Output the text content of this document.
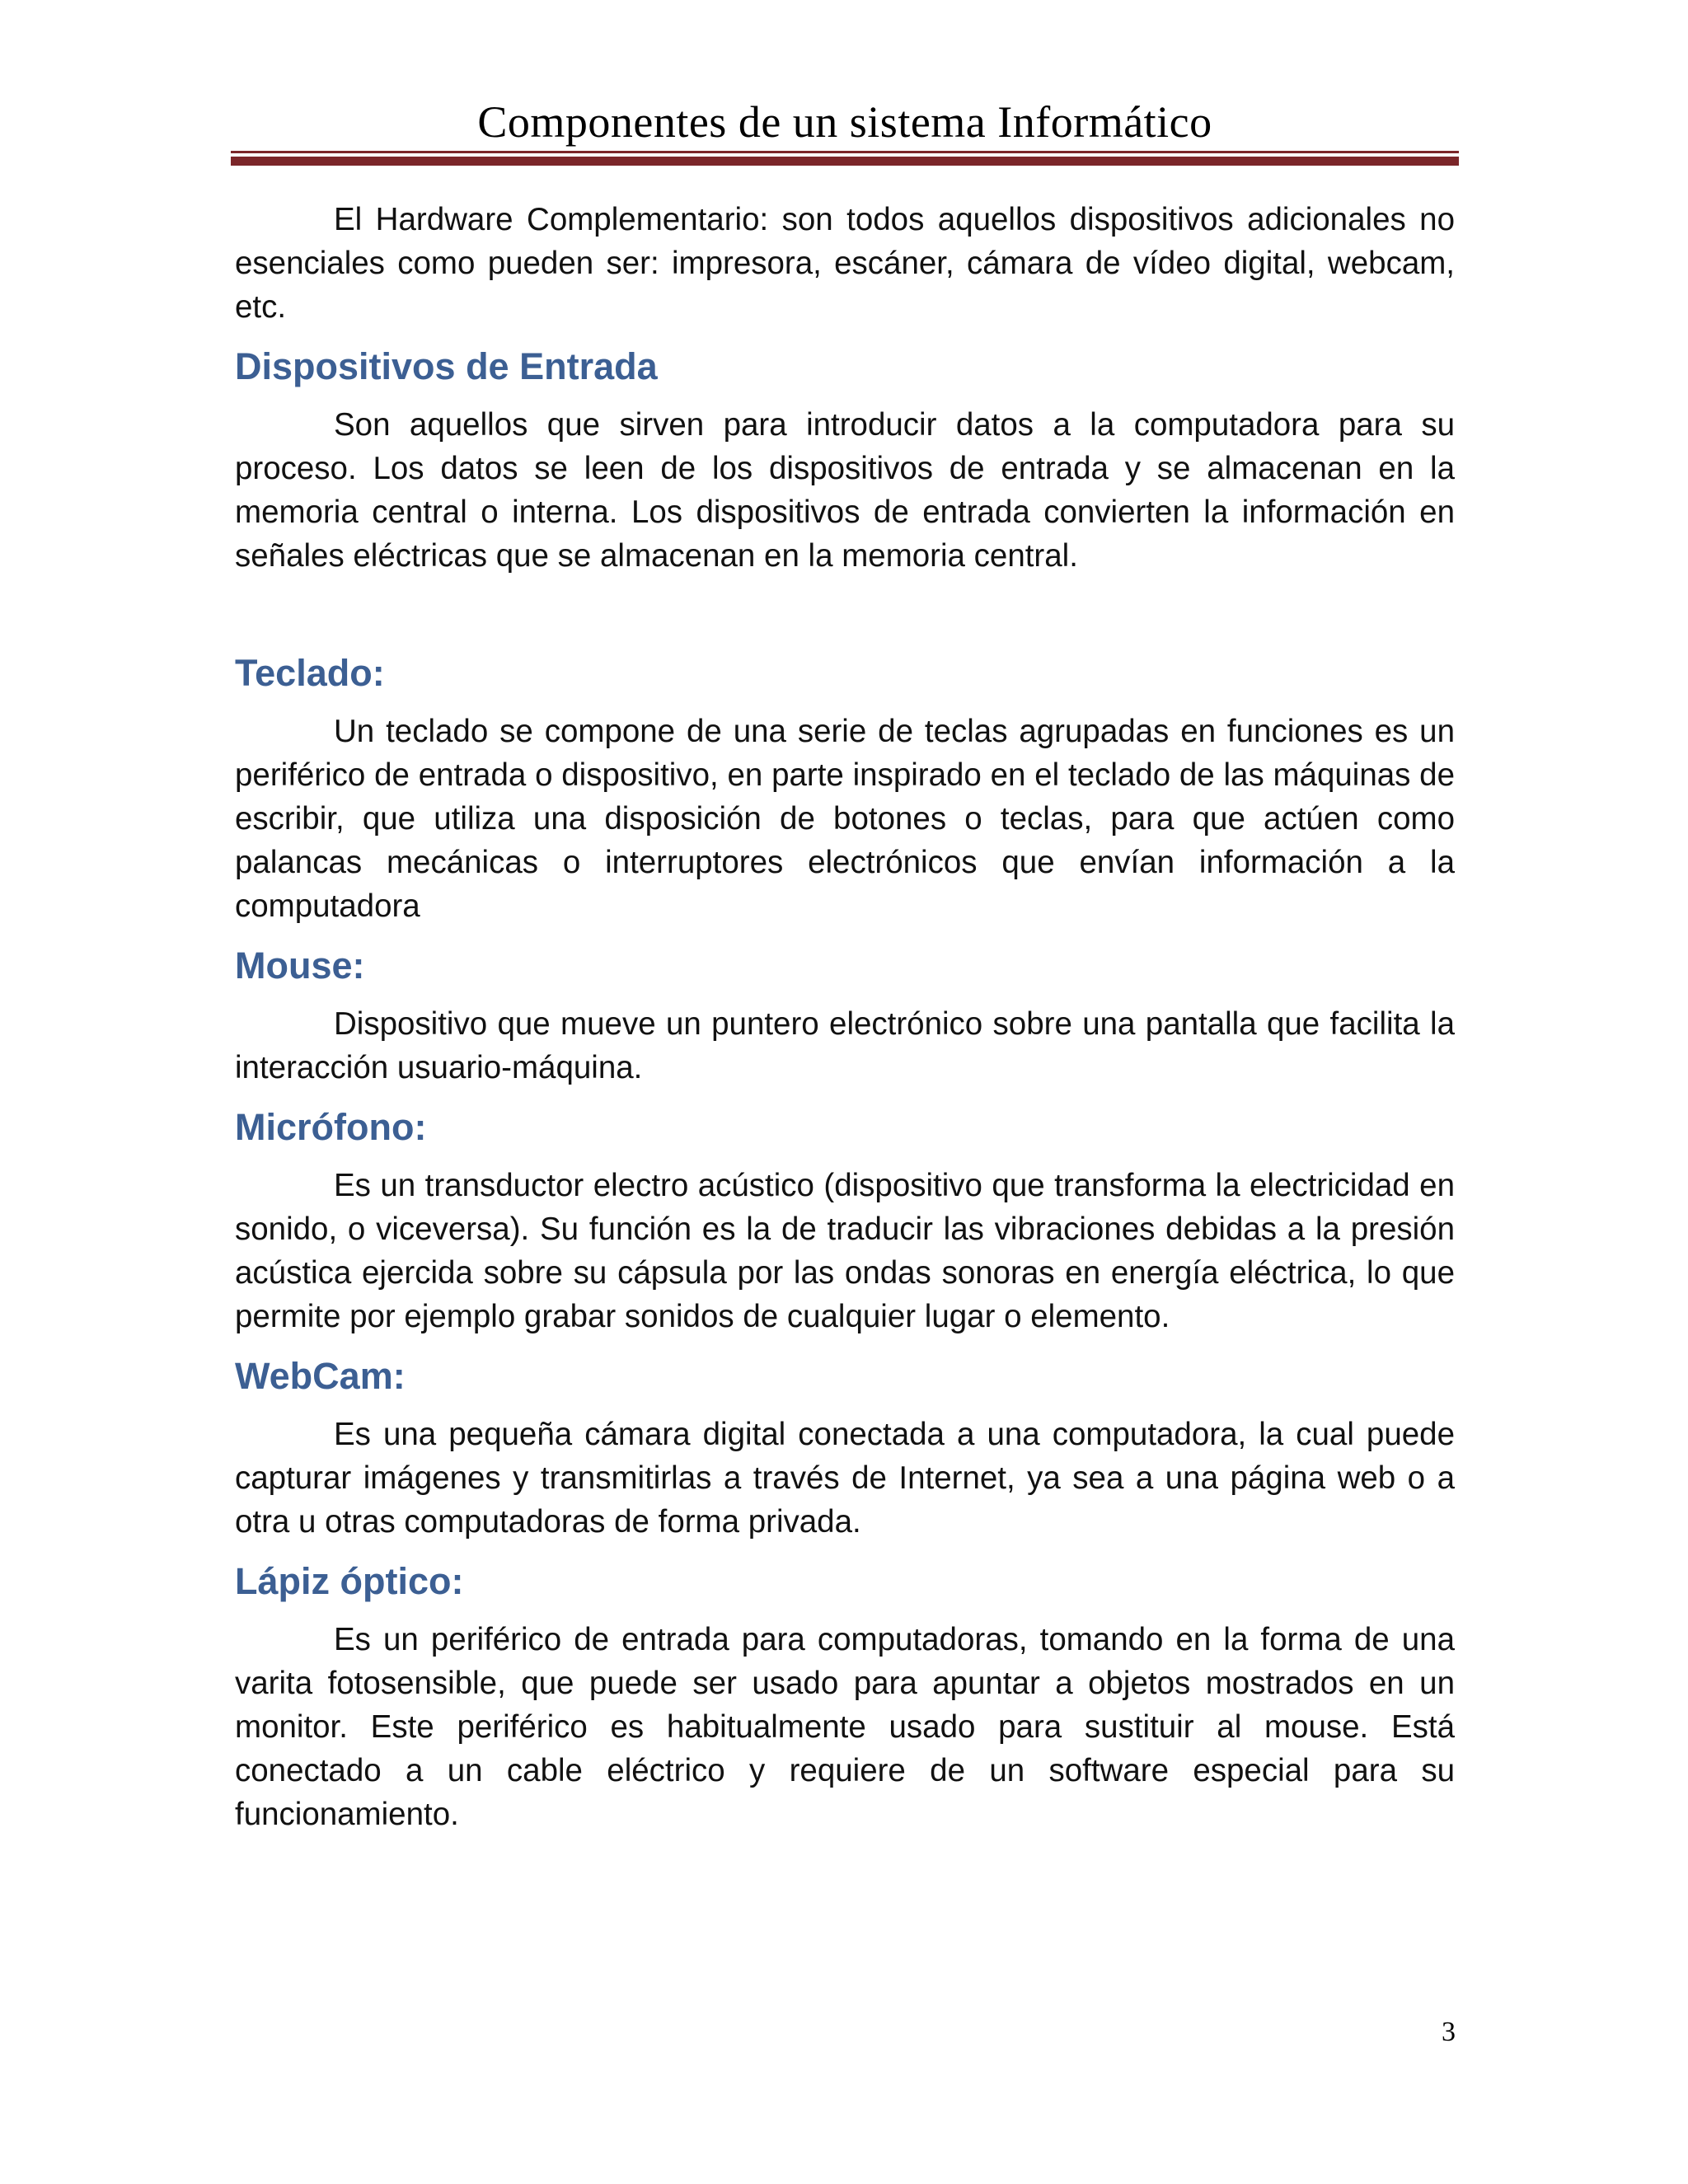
Componentes de un sistema Informático

El Hardware Complementario: son todos aquellos dispositivos adicionales no esenciales como pueden ser: impresora, escáner, cámara de vídeo digital, webcam, etc.

Dispositivos de Entrada

Son aquellos que sirven para introducir datos a la computadora para su proceso. Los datos se leen de los dispositivos de entrada y se almacenan en la memoria central o interna. Los dispositivos de entrada convierten la información en señales eléctricas que se almacenan en la memoria central.

Teclado:

Un teclado se compone de una serie de teclas agrupadas en funciones es un periférico de entrada o dispositivo, en parte inspirado en el teclado de las máquinas de escribir, que utiliza una disposición de botones o teclas, para que actúen como palancas mecánicas o interruptores electrónicos que envían información a la computadora

Mouse:

Dispositivo que mueve un puntero electrónico sobre una pantalla que facilita la interacción usuario-máquina.

Micrófono:

Es un transductor electro acústico (dispositivo que transforma la electricidad en sonido, o viceversa). Su función es la de traducir las vibraciones debidas a la presión acústica ejercida sobre su cápsula por las ondas sonoras en energía eléctrica, lo que permite por ejemplo grabar sonidos de cualquier lugar o elemento.

WebCam:

Es una pequeña cámara digital conectada a una computadora, la cual puede capturar imágenes y transmitirlas a través de Internet, ya sea a una página web o a otra u otras computadoras de forma privada.

Lápiz óptico:

Es un periférico de entrada para computadoras, tomando en la forma de una varita fotosensible, que puede ser usado para apuntar a objetos mostrados en un monitor. Este periférico es habitualmente usado para sustituir al mouse. Está conectado a un cable eléctrico y requiere de un software especial para su funcionamiento.

3
